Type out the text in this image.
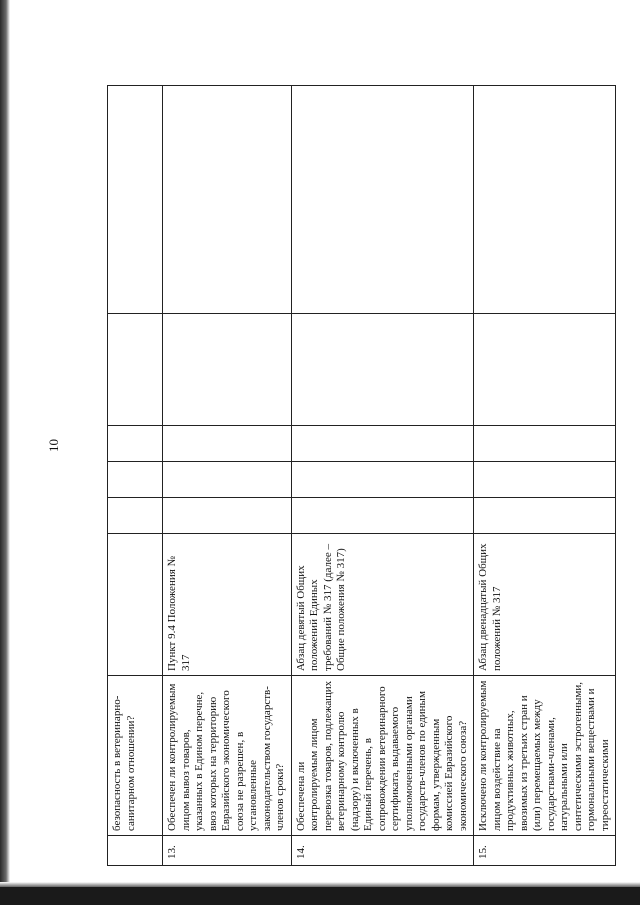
10
	безопасность в ветеринарно-санитарном отношении?						
13.	Обеспечен ли контролируемым лицом вывоз товаров, указанных в Едином перечне, ввоз которых на территорию Евразийского экономического союза не разрешен, в установленные законодательством государств-членов сроки?	Пункт 9.4 Положения № 317					
14.	Обеспечена ли контролируемым лицом перевозка товаров, подлежащих ветеринарному контролю (надзору) и включенных в Единый перечень, в сопровождении ветеринарного сертификата, выдаваемого уполномоченными органами государств-членов по единым формам, утвержденным комиссией Евразийского экономического союза?	Абзац девятый Общих положений Единых требований № 317 (далее – Общие положения № 317)					
15.	Исключено ли контролируемым лицом воздействие на продуктивных животных, ввозимых из третьих стран и (или) перемещаемых между государствами-членами, натуральными или синтетическими эстрогенными, гормональными веществами и тиреостатическими	Абзац двенадцатый Общих положений № 317					
